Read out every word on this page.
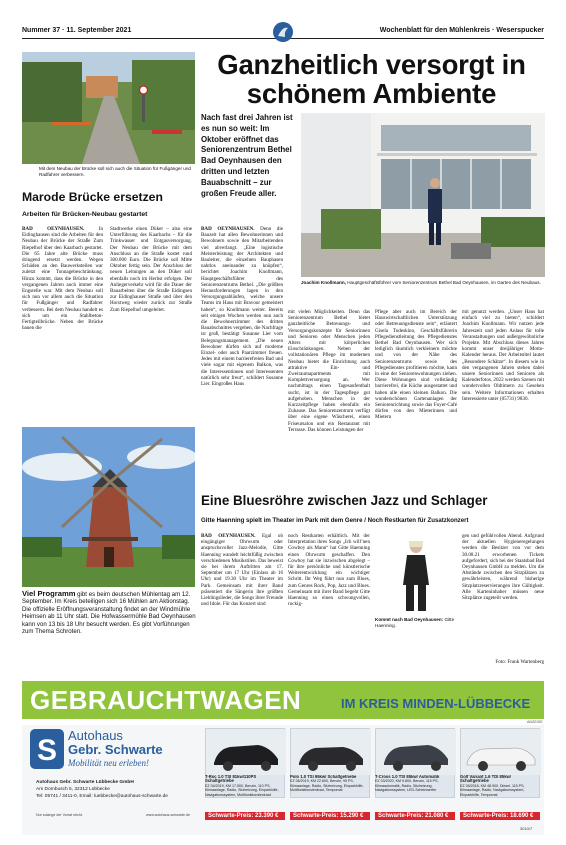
Nummer 37 · 11. September 2021	Wochenblatt für den Mühlenkreis · Weserspucker
Mit dem Neubau der Brücke soll sich auch die Situation für Fußgänger und Radfahrer verbessern.
Marode Brücke ersetzen
Arbeiten für Brücken-Neubau gestartet
BAD OEYNHAUSEN.	In Eidinghausen sind die Arbeiten für den Neubau der Brücke der Straße Zum Riepelhof über den Kaarbach gestartet. Die 65 Jahre alte Brücke muss dringend ersetzt werden. Wegen Schäden an den Bauwerksteilen war zuletzt eine Tonnagebeschränkung. Hinzu kommt, dass die Brücke in den vergangenen Jahren auch immer eine Engstelle war. Mit dem Neubau soll sich nun vor allem auch die Situation für Fußgänger und Radfahrer verbessern. Bei dem Neubau handelt es sich um ein Stahlbeton-Fertigteilbrücke. Neben der Brücke bauen die
Stadtwerke einen Düker – also eine Unterführung des Kaarbachs – für die Trinkwasser und Entgasversorgung. Der Neubau der Brücke mit dem Anschluss an die Straße kostet rund 300.000 Euro. Die Brücke soll Mitte Oktober fertig sein. Der Anschluss der neuen Leitungen an den Düker soll ebenfalls noch im Herbst erfolgen. Der Anliegerverkehr wird für die Dauer der Bauarbeiten über die Straße Eidingsen zur Eidinghauser Straße und über den Horstweg wieder zurück zur Straße Zum Riepelhof umgeleitet.
Viel Programm gibt es beim deutschen Mühlentag am 12. September. Im Kreis beteiligen sich 16 Mühlen am Aktionstag. Die offizielle Eröffnungsveranstaltung findet an der Windmühle Heimsen ab 11 Uhr statt. Die Hofwassermühle Bad Oeynhausen kann von 13 bis 18 Uhr besucht werden. Es gibt Vorführungen zum Thema Schroten.
Ganzheitlich versorgt in
schönem Ambiente
Nach fast drei Jahren ist es nun so weit: Im Oktober eröffnet das Seniorenzentrum Bethel Bad Oeynhausen den dritten und letzten Bauabschnitt – zur großen Freude aller.
Joachim Knollmann, Hauptgeschäftsführer vom Seniorenzentrum Bethel Bad Oeynhausen, im Garten des Neubaus.
BAD OEYNHAUSEN. Denn die Bauzeit hat allen Bewohnerinnen und Bewohnern sowie den Mitarbeitenden viel abverlangt. „Eine logistische Meisterleistung der Architekten und Bauleiter, die einzelnen Bauphasen nahtlos aneinander zu knüpfen“, berichtet Joachim Knollmann, Hauptgeschäftsführer des Seniorenzentrums Bethel. „Die größten Herausforderungen lagen in den Versorgungsabläufen, welche unsere Teams im Haus mit Bravour gemeistert haben“, so Knollmann weiter. Bereits seit einigen Wochen werden nun auch die Bewohnerzimmer des dritten Bauabschnittes vergeben, die Nachfrage ist groß, bestätigt Susanne Lier vom Belegungsmanagement. „Die neuen Bewohner dürfen sich auf moderne Einzel- oder auch Paarzimmer freuen. Jedes mit einem barrierefreien Bad und viele sogar mit eigenem Balkon, was die Interessentinnen und Interessenten natürlich sehr freut“, schildert Susanne Lier. Eingroßes Haus
mit vielen Möglichkeiten. Denn das Seniorenzentrum Bethel bietet ganzheitliche Betreuungs- und Versorgungskonzepte für Seniorinnen und Senioren oder Menschen jeden Alters mit körperlichen Einschränkungen. Neben der vollstationären Pflege im modernen Neubau bietet die Einrichtung auch attraktive Ein- und Zweiraumapartments mit Komplettversorgung an. Wer nachmittags einen Tagesaufenthalt sucht, ist in der Tagespflege gut aufgehoben. Menschen in der Kurzzeitpflege haben ebenfalls ein Zuhause. Das Seniorenzentrum verfügt über eine eigene Wäscherei, einen Friseursalon und ein Restaurant mit Terrasse. Das können Leistungen der
Pflege aber auch im Bereich der Hauswirtschaftlichen Unterstützung oder Betreuungsdienste sein“, erläutert Gisela Todeskino, Geschäftsführerin Pflegedienstleitung des Pflegedienstes Bethel Bad Oeynhausen. Wer sich lediglich räumlich verkleinern möchte und von der Nähe des Seniorenzentrums sowie des Pflegedienstes profitieren möchte, kann in eine der Seniorenwohnungen ziehen. Diese Wohnungen sind vollständig barrierefrei, die Küche ausgestattet und haben alle einen kleinen Balkon. Die wunderschönen Gartenanlagen der Seniorenrichtung sowie das Foyer-Café dürfen von den Mieterinnen und Mietern
mit genutzt werden. „Unser Haus hat einfach viel zu bieten“, schildert Joachim Knollmann. Wir nutzen jede Jahreszeit und jeden Anlass für tolle Veranstaltungen und außergewöhnliche Projekte. Mit Abschluss dieses Jahres kommt unser dreijähriger Motto-Kalender heraus. Der Arbeitstitel lautet „Besondere Schätze“. In diesem wie in den vergangenen Jahren stehen dabei unsere Seniorinnen und Senioren als Kalenderfotos. 2022 werden Szenen mit wundervollen Oldtimern zu Gesehen sein. Weitere Informationen erhalten Interessierte unter (05731) 9830.
Eine Bluesröhre zwischen Jazz und Schlager
Gitte Haenning spielt im Theater im Park mit dem Genre / Noch Restkarten für Zusatzkonzert
BAD OEYNHAUSEN. Egal ob eingängiger Ohrwurm oder anspruchsvoller Jazz-Melodie, Gitte Haenning wandelt leichtfüßig zwischen verschiedenen Musikstilen. Das beweist sie bei ihrem Auftritten am 17. September um 17 Uhr (Einlass ab 16 Uhr) und 19.30 Uhr im Theater im Park. Gemeinsam mit ihrer Band präsentiert die Sängerin ihre größten Lieblingslieder, die Songs ihrer Freunde und Idole. Für das Konzert sind
noch Restkarten erhältlich. Mit der Interpretation ihres Songs „Ich will’nen Cowboy als Mann“ hat Gitte Haenning einen Ohrwurm geschaffen. Den Cowboy hat sie inzwischen abgelegt – für ihre persönliche und künstlerische Weiterentwicklung ein wichtiger Schritt. Ihr Weg führt nun zum Blues, zum Genres Rock, Pop, Jazz und Blues. Gemeinsam mit ihrer Band begeht Gitte Haenning so einen schwungvollen, rockig-
Kommt nach Bad Oeynhausen: Gitte Haenning.
gen und gefühlvollen Abend. Aufgrund der aktuellen Hygieneregelungen werden die Besitzer von vor dem 30.08.21 erworbenen Tickets aufgefordert, sich bei der Staatsbad Bad Oeynhausen GmbH zu melden. Um die Abstände zwischen den Sitzplätzen zu gewährleisten, während bisherige Sitzplatzreservierungen ihre Gültigkeit. Alle Karteninhaber müssen neue Sitzplätze zugeteilt werden.
Foto: Frank Wartenberg
GEBRAUCHTWAGEN	IM KREIS MINDEN-LÜBBECKE
ANZEIGE
S Autohaus
Gebr. Schwarte
Mobilität neu erleben!
Autohaus Gebr. Schwarte Lübbecke GmbH
Am Dornbusch 5, 32312 Lübbecke
Tel: 05741 / 3411-0, Email: luebbecke@autohaus-schwarte.de
Nur solange der Vorrat reicht.	www.autohaus-schwarte.de
T-Roc 1.0 TSI 81kw/110PS Schaltgetriebe
EZ 04/2019, KM 17.500, Benzin, 110 PS, Klimaanlage, Radio, Sitzheizung, Einparkhilfe, Navigationssystem, Multifunktionslenkrad
Polo 1.0 TSI 95kw/ Schaltgetriebe
EZ 06/2019, KM 22.600, Benzin, 95 PS, Klimaanlage, Radio, Sitzheizung, Einparkhilfe, Multifunktionslenkrad, Tempomat
T-Cross 1.0 TSI 85kw/ Automatik
EZ 03/2020, KM 9.800, Benzin, 115 PS, Klimaautomatik, Radio, Sitzheizung, Navigationssystem, LED-Scheinwerfer
Golf Variant 1.6 TDI 85kw/ Schaltgetriebe
EZ 05/2018, KM 48.900, Diesel, 115 PS, Klimaanlage, Radio, Navigationssystem, Einparkhilfe, Tempomat
Schwarte-Preis: 23.390 €	Schwarte-Preis: 15.290 €	Schwarte-Preis: 21.080 €	Schwarte-Preis: 18.690 €
3010/7
